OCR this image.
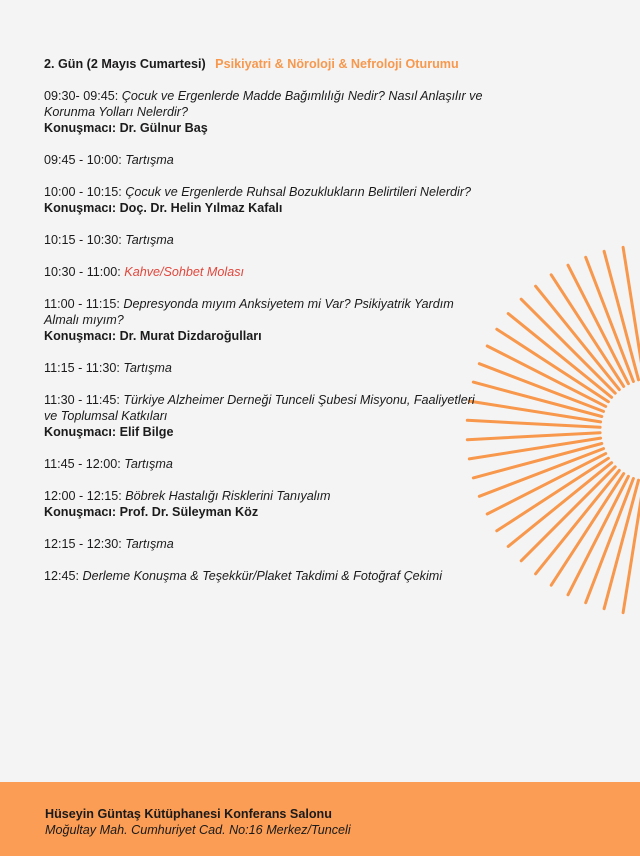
2. Gün (2 Mayıs Cumartesi) Psikiyatri & Nöroloji & Nefroloji Oturumu
09:30- 09:45: Çocuk ve Ergenlerde Madde Bağımlılığı Nedir? Nasıl Anlaşılır ve Korunma Yolları Nelerdir?
Konuşmacı: Dr. Gülnur Baş
09:45 - 10:00: Tartışma
10:00 - 10:15: Çocuk ve Ergenlerde Ruhsal Bozuklukların Belirtileri Nelerdir?
Konuşmacı: Doç. Dr. Helin Yılmaz Kafalı
10:15 - 10:30: Tartışma
10:30 - 11:00: Kahve/Sohbet Molası
11:00 - 11:15: Depresyonda mıyım Anksiyetem mi Var? Psikiyatrik Yardım Almalı mıyım?
Konuşmacı: Dr. Murat Dizdaroğulları
11:15 - 11:30: Tartışma
11:30 - 11:45: Türkiye Alzheimer Derneği Tunceli Şubesi Misyonu, Faaliyetleri ve Toplumsal Katkıları
Konuşmacı: Elif Bilge
11:45 - 12:00: Tartışma
12:00 - 12:15: Böbrek Hastalığı Risklerini Tanıyalım
Konuşmacı: Prof. Dr. Süleyman Köz
12:15 - 12:30: Tartışma
12:45: Derleme Konuşma & Teşekkür/Plaket Takdimi & Fotoğraf Çekimi
Hüseyin Güntaş Kütüphanesi Konferans Salonu
Moğultay Mah. Cumhuriyet Cad. No:16 Merkez/Tunceli
